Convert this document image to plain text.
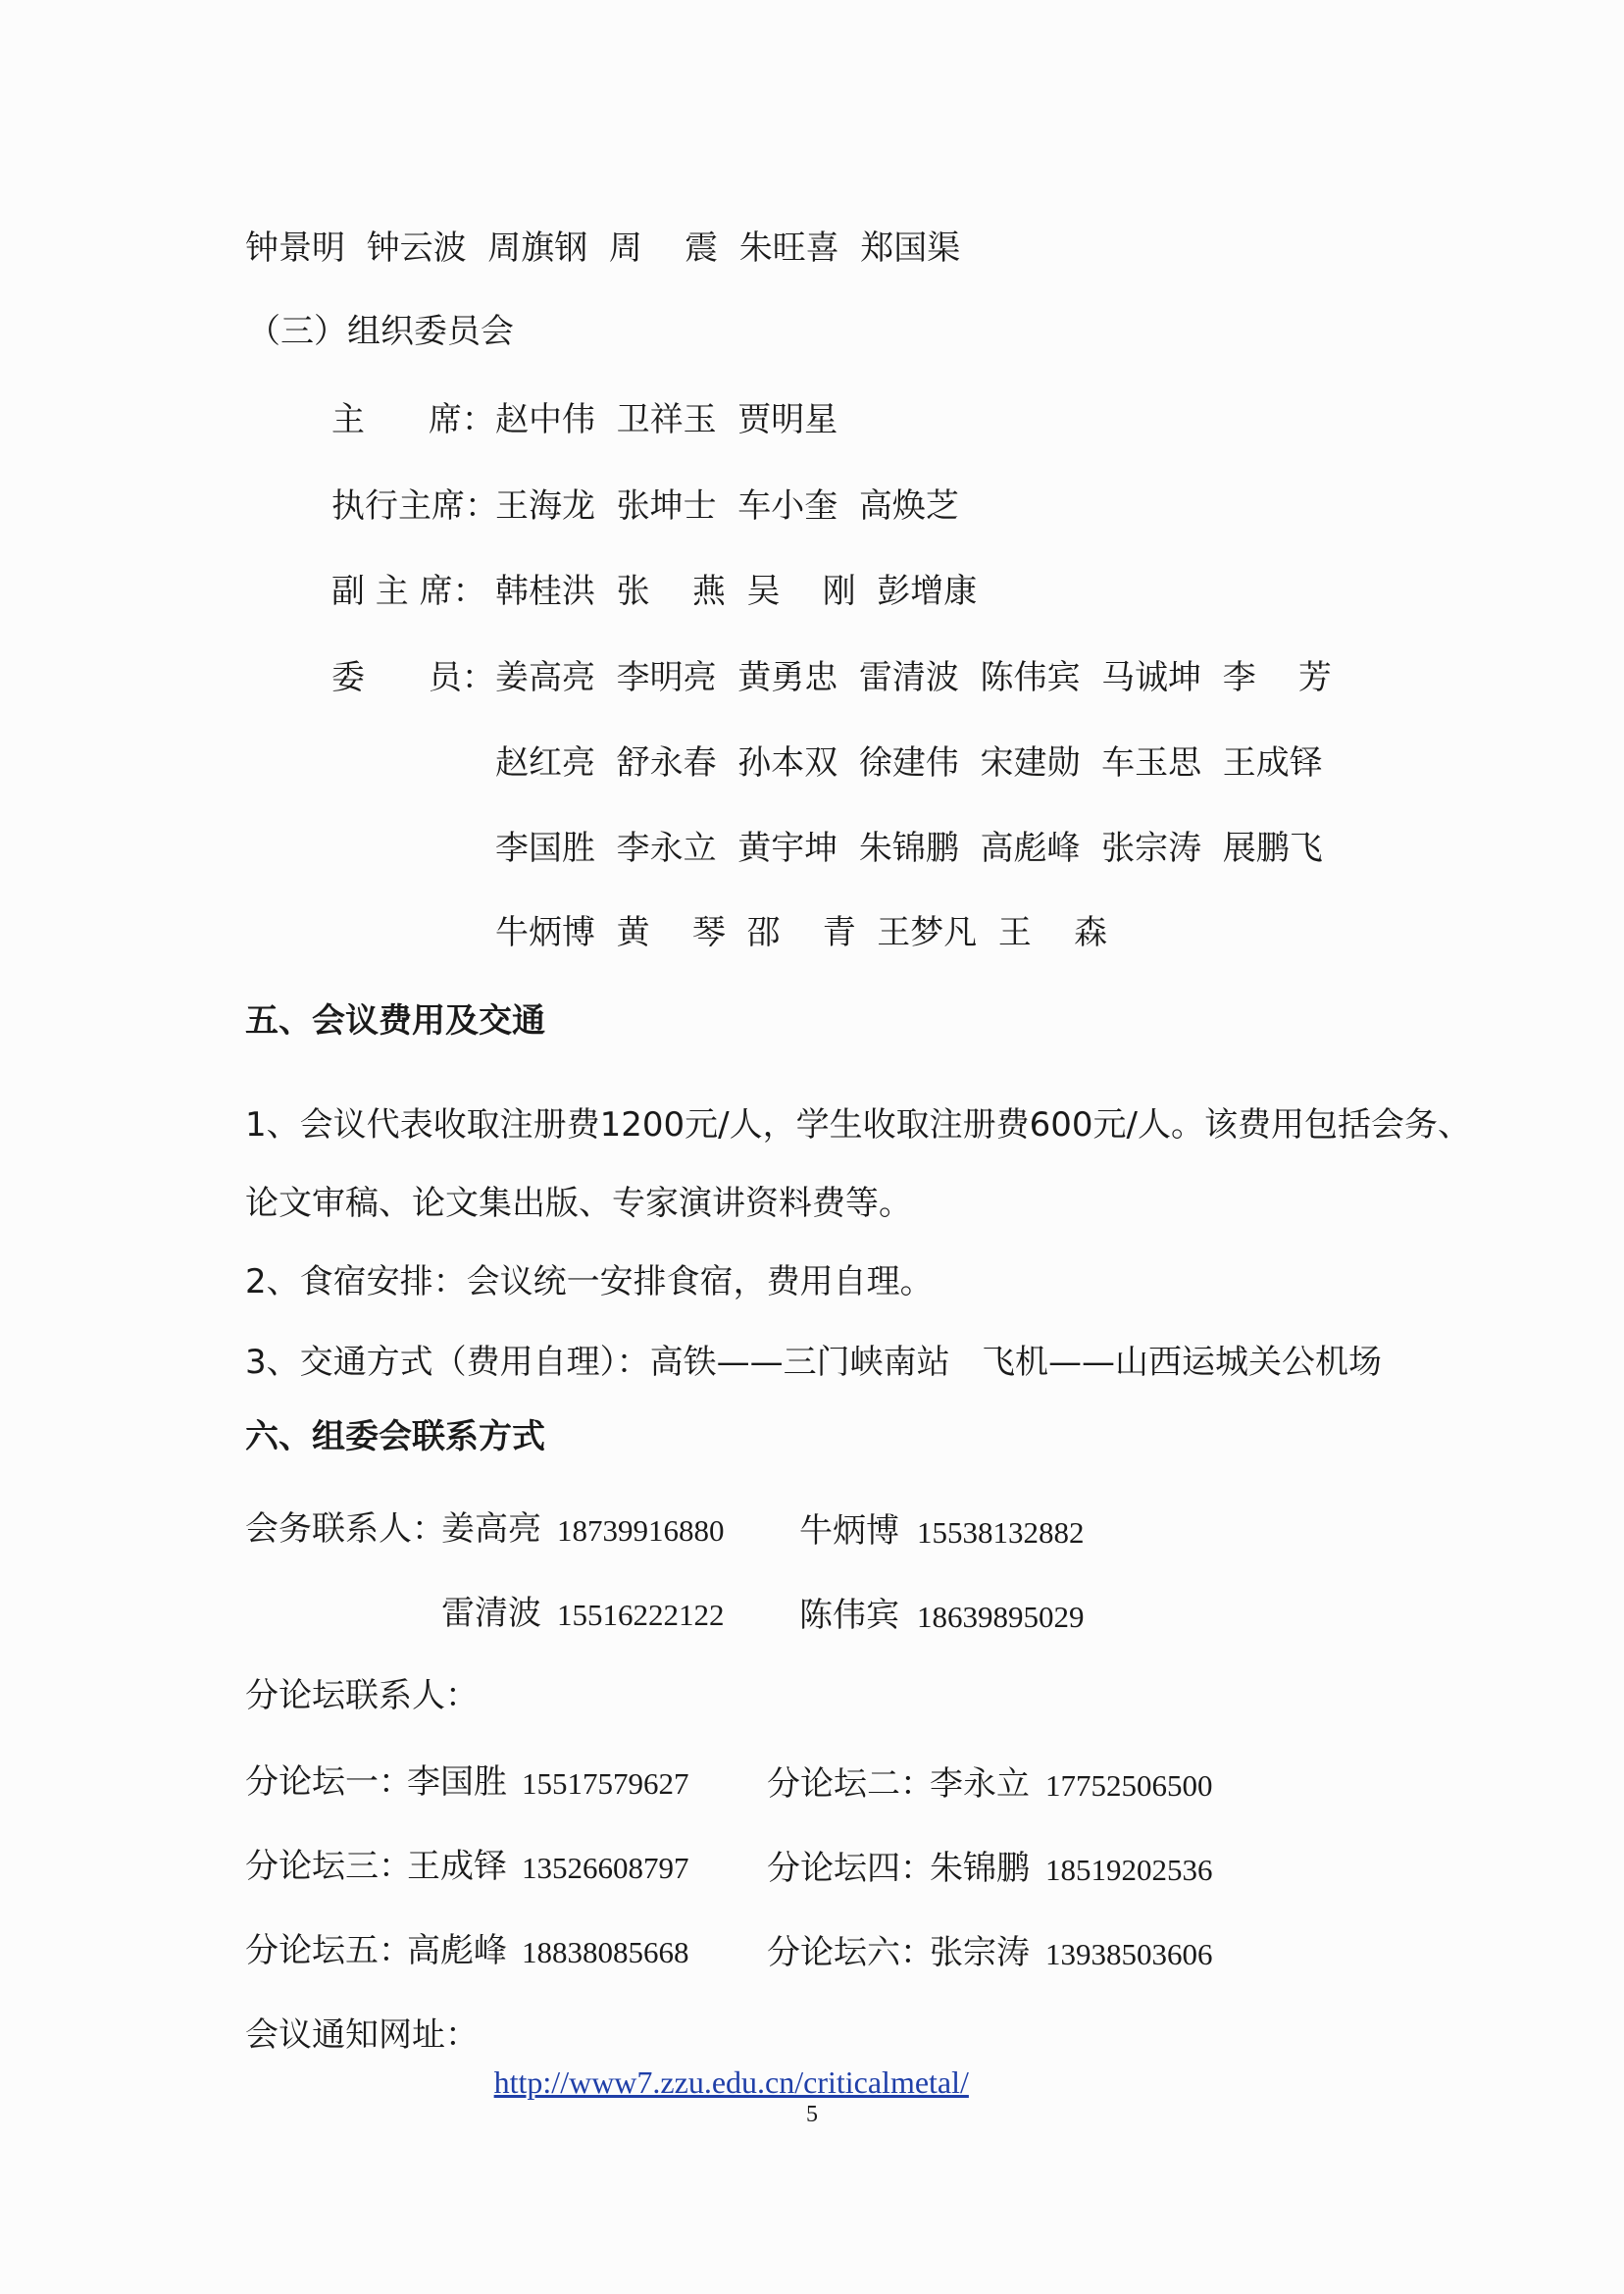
钟景明  钟云波  周旗钢  周    震  朱旺喜  郑国渠
（三）组织委员会
主      席： 赵中伟  卫祥玉  贾明星
执行主席：
王海龙  张坤士  车小奎  高焕芝
副 主 席： 韩桂洪  张    燕  吴    刚  彭增康
委      员： 姜高亮  李明亮  黄勇忠  雷清波  陈伟宾  马诚坤  李    芳
赵红亮  舒永春  孙本双  徐建伟  宋建勋  车玉思  王成铎
李国胜  李永立  黄宇坤  朱锦鹏  高彪峰  张宗涛  展鹏飞
牛炳博  黄    琴  邵    青  王梦凡  王    森
五、会议费用及交通
1、会议代表收取注册费1200元/人，学生收取注册费600元/人。该费用包括会务、
论文审稿、论文集出版、专家演讲资料费等。
2、食宿安排：会议统一安排食宿，费用自理。
3、交通方式（费用自理）：高铁——三门峡南站   飞机——山西运城关公机场
六、组委会联系方式
会务联系人：
姜高亮 18739916880 牛炳博 15538132882
雷清波 15516222122 陈伟宾 18639895029
分论坛联系人：
分论坛一：
李国胜 15517579627 分论坛二：
李永立 17752506500
分论坛三：
王成铎 13526608797 分论坛四：
朱锦鹏 18519202536
分论坛五：
高彪峰 18838085668 分论坛六：
张宗涛 13938503606
会议通知网址：

http://www7.zzu.edu.cn/criticalmetal/

5
